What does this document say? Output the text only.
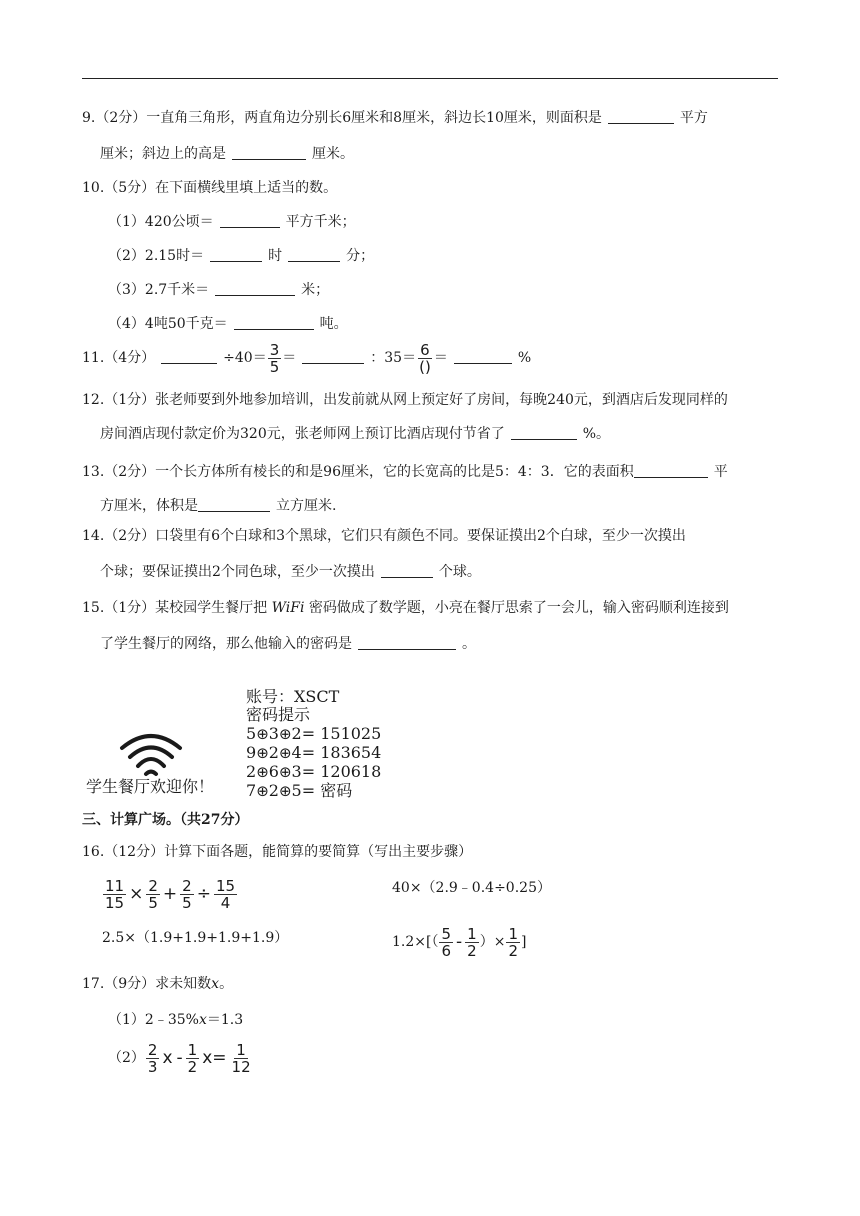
9.（2分）一直角三角形，两直角边分别长6厘米和8厘米，斜边长10厘米，则面积是	平方
厘米；斜边上的高是	厘米。
10.（5分）在下面横线里填上适当的数。
（1）420公顷＝	平方千米；
（2）2.15时＝	时	分；
（3）2.7千米＝	米；
（4）4吨50千克＝	吨。
11.（4分）	$\div 40= \frac{3}{5}$ ＝	：$35= \frac{6}{()}$ ＝	%
12.（1分）张老师要到外地参加培训，出发前就从网上预定好了房间，每晚240元，到酒店后发现同样的
房间酒店现付款定价为320元，张老师网上预订比酒店现付节省了	%。
13.（2分）一个长方体所有棱长的和是96厘米，它的长宽高的比是5：4：3．它的表面积	平
方厘米，体积是	立方厘米.
14.（2分）口袋里有6个白球和3个黑球，它们只有颜色不同。要保证摸出2个白球，至少一次摸出
个球；要保证摸出2个同色球，至少一次摸出	个球。
15.（1分）某校园学生餐厅把 WiFi 密码做成了数学题，小亮在餐厅思索了一会儿，输入密码顺利连接到
了学生餐厅的网络，那么他输入的密码是	。
学生餐厅欢迎你！
账号：XSCT
密码提示
5⊕3⊕2= 151025
9⊕2⊕4= 183654
2⊕6⊕3= 120618
7⊕2⊕5= 密码
三、计算广场。（共27分）
16.（12分）计算下面各题，能简算的要简算（写出主要步骤）
$\frac{11}{15} \times \frac{2}{5} + \frac{2}{5} \div \frac{15}{4}$	40×（2.9﹣0.4÷0.25）
2.5×（1.9+1.9+1.9+1.9）	$1.2\times[( \frac{5}{6} - \frac{1}{2}$ ）× $\frac{1}{2}$ ]
17.（9分）求未知数x。
（1）2﹣35%x＝1.3
$(2) \frac{2}{3}$ $x - \frac{1}{2} x= \frac{1}{12}$
